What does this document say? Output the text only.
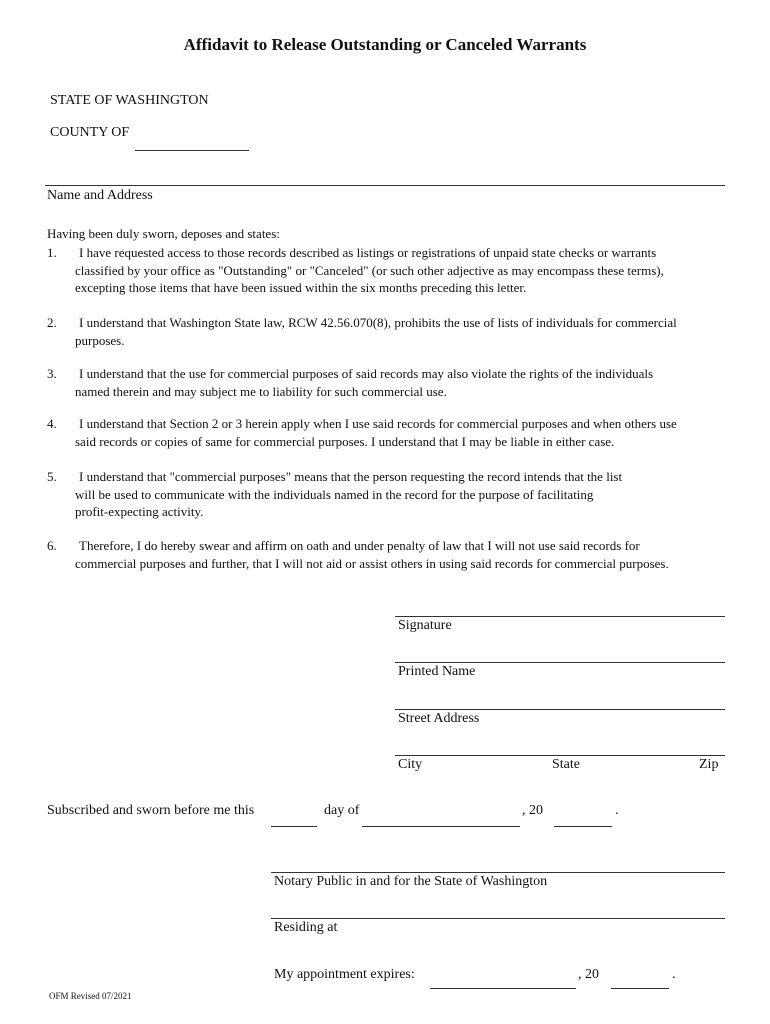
Affidavit to Release Outstanding or Canceled Warrants
STATE OF WASHINGTON
COUNTY OF
Name and Address
Having been duly sworn, deposes and states:
1.	I have requested access to those records described as listings or registrations of unpaid state checks or warrants
classified by your office as "Outstanding" or "Canceled" (or such other adjective as may encompass these terms),
excepting those items that have been issued within the six months preceding this letter.
2.	I understand that Washington State law, RCW 42.56.070(8), prohibits the use of lists of individuals for commercial
purposes.
3.	I understand that the use for commercial purposes of said records may also violate the rights of the individuals
named therein and may subject me to liability for such commercial use.
4.	I understand that Section 2 or 3 herein apply when I use said records for commercial purposes and when others use
said records or copies of same for commercial purposes. I understand that I may be liable in either case.
5.	I understand that "commercial purposes" means that the person requesting the record intends that the list
will be used to communicate with the individuals named in the record for the purpose of facilitating
profit-expecting activity.
6.	Therefore, I do hereby swear and affirm on oath and under penalty of law that I will not use said records for
commercial purposes and further, that I will not aid or assist others in using said records for commercial purposes.
Signature
Printed Name
Street Address
City	State	Zip
Subscribed and sworn before me this	day of	, 20	.
Notary Public in and for the State of Washington
Residing at
My appointment expires:	, 20	.
OFM Revised 07/2021
